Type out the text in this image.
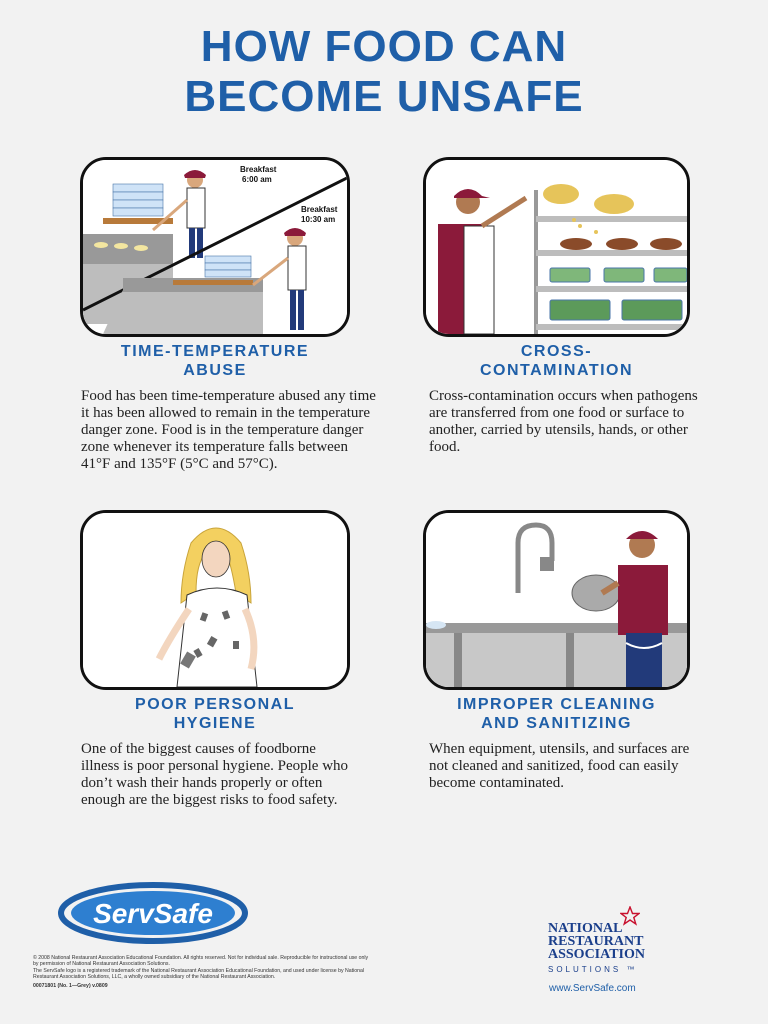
HOW FOOD CAN
BECOME UNSAFE
Breakfast
6:00 am
Breakfast
10:30 am
TIME-TEMPERATURE
ABUSE
Food has been time-temperature abused any time it has been allowed to remain in the temperature danger zone. Food is in the temperature danger zone whenever its temperature falls between 41°F and 135°F (5°C and 57°C).
CROSS-
CONTAMINATION
Cross-contamination occurs when pathogens are transferred from one food or surface to another, carried by utensils, hands, or other food.
POOR PERSONAL
HYGIENE
One of the biggest causes of foodborne illness is poor personal hygiene. People who don’t wash their hands properly or often enough are the biggest risks to food safety.
IMPROPER CLEANING
AND SANITIZING
When equipment, utensils, and surfaces are not cleaned and sanitized, food can easily become contaminated.
ServSafe
© 2008 National Restaurant Association Educational Foundation. All rights reserved. Not for individual sale. Reproducible for instructional use only by permission of National Restaurant Association Solutions.
The ServSafe logo is a registered trademark of the National Restaurant Association Educational Foundation, and used under license by National Restaurant Association Solutions, LLC, a wholly owned subsidiary of the National Restaurant Association.
00071801 (No. 1—Grey) v.0809
NATIONAL
RESTAURANT
ASSOCIATION
SOLUTIONS ™
www.ServSafe.com
